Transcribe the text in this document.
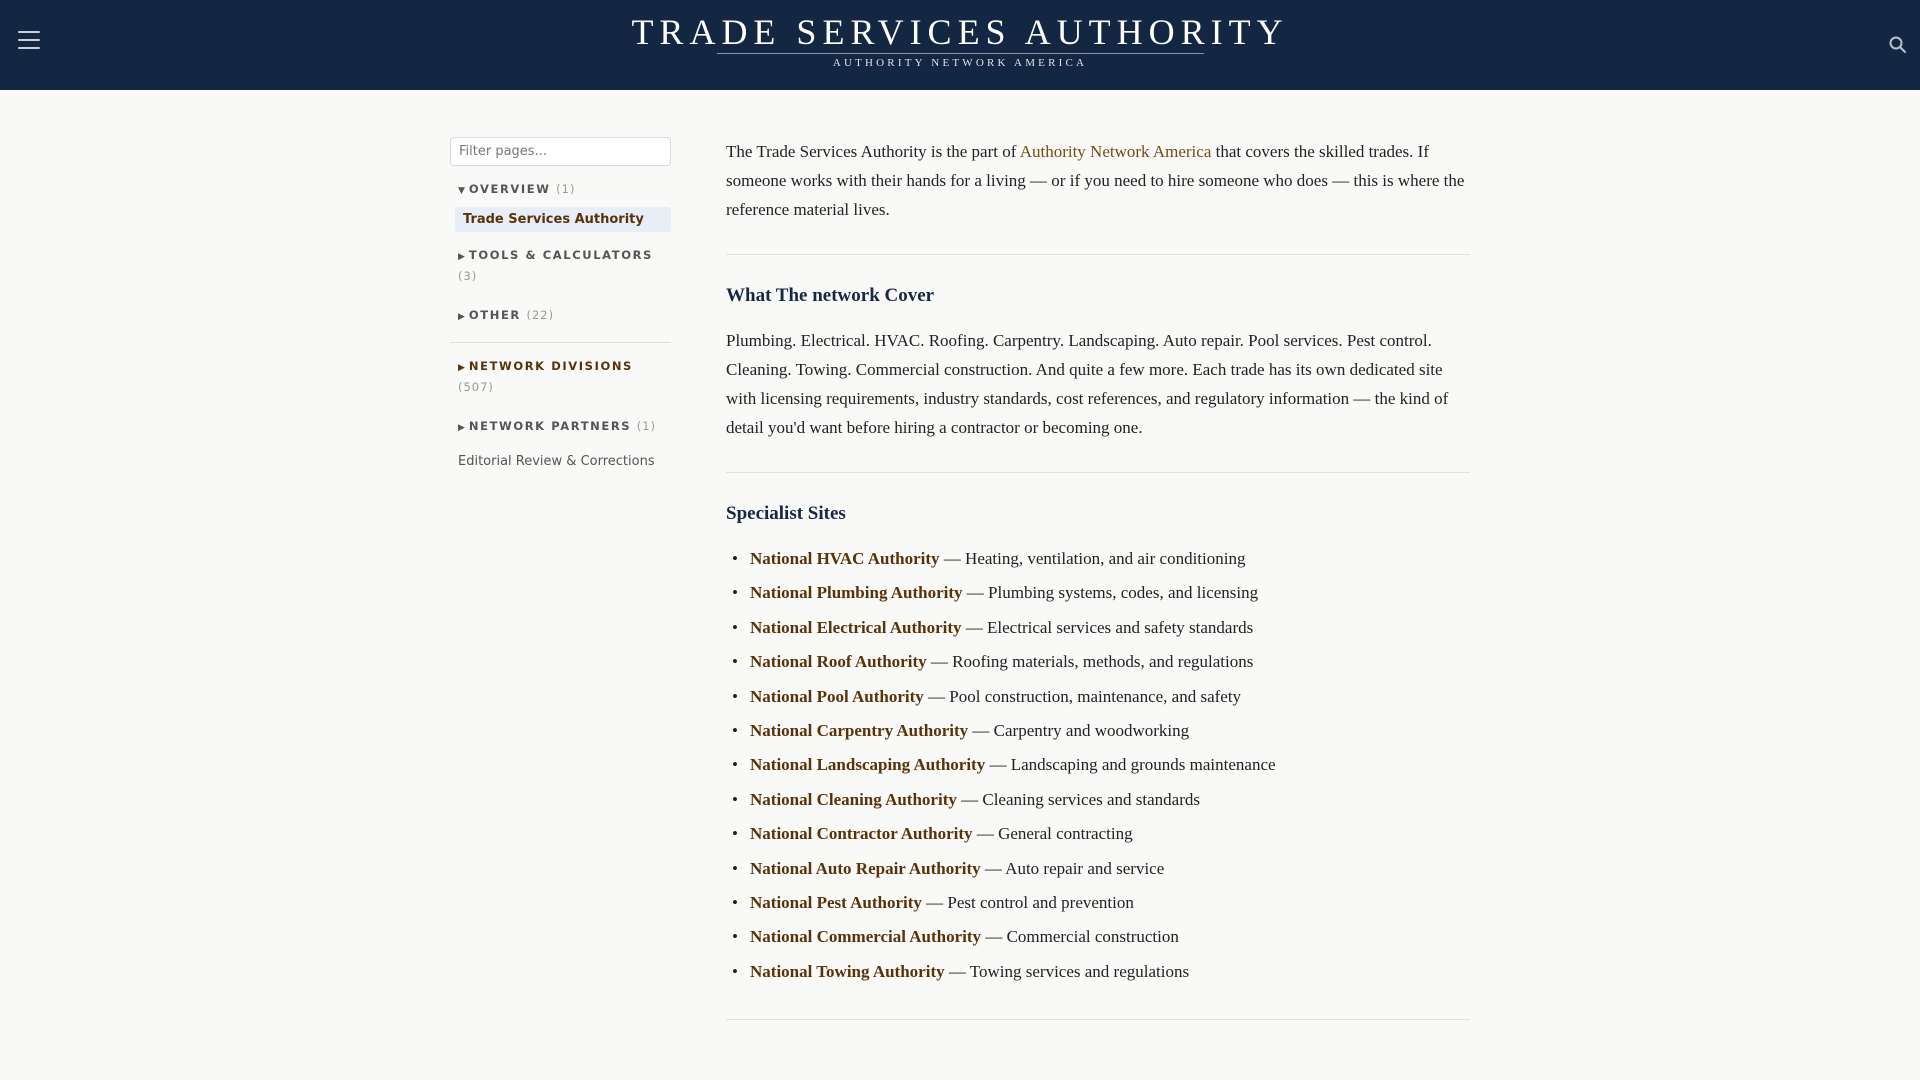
TRADE SERVICES AUTHORITY
AUTHORITY NETWORK AMERICA
Filter pages...
▼ OVERVIEW (1)
Trade Services Authority
▶ TOOLS & CALCULATORS (3)
▶ OTHER (22)
▶ NETWORK DIVISIONS (507)
▶ NETWORK PARTNERS (1)
Editorial Review & Corrections

The Trade Services Authority is the part of Authority Network America that covers the skilled trades. If someone works with their hands for a living — or if you need to hire someone who does — this is where the reference material lives.

What The network Cover

Plumbing. Electrical. HVAC. Roofing. Carpentry. Landscaping. Auto repair. Pool services. Pest control. Cleaning. Towing. Commercial construction. And quite a few more. Each trade has its own dedicated site with licensing requirements, industry standards, cost references, and regulatory information — the kind of detail you'd want before hiring a contractor or becoming one.

Specialist Sites
• National HVAC Authority — Heating, ventilation, and air conditioning
• National Plumbing Authority — Plumbing systems, codes, and licensing
• National Electrical Authority — Electrical services and safety standards
• National Roof Authority — Roofing materials, methods, and regulations
• National Pool Authority — Pool construction, maintenance, and safety
• National Carpentry Authority — Carpentry and woodworking
• National Landscaping Authority — Landscaping and grounds maintenance
• National Cleaning Authority — Cleaning services and standards
• National Contractor Authority — General contracting
• National Auto Repair Authority — Auto repair and service
• National Pest Authority — Pest control and prevention
• National Commercial Authority — Commercial construction
• National Towing Authority — Towing services and regulations
